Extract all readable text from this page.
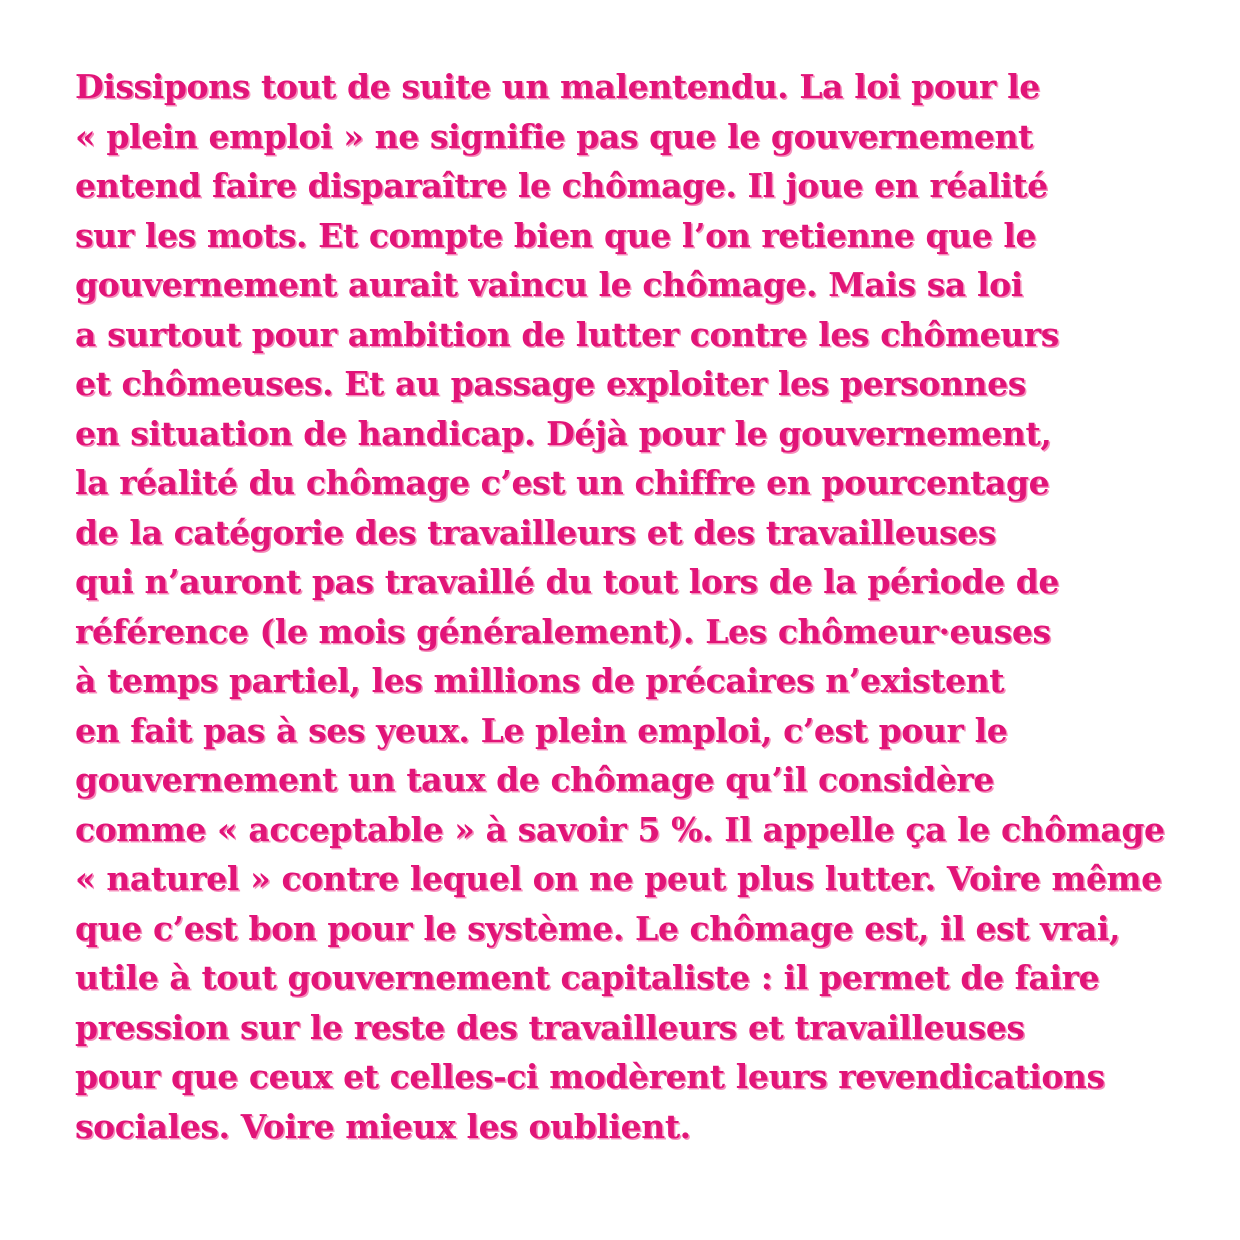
Dissipons tout de suite un malentendu. La loi pour le
« plein emploi » ne signifie pas que le gouvernement
entend faire disparaître le chômage. Il joue en réalité
sur les mots. Et compte bien que l’on retienne que le
gouvernement aurait vaincu le chômage. Mais sa loi
a surtout pour ambition de lutter contre les chômeurs
et chômeuses. Et au passage exploiter les personnes
en situation de handicap. Déjà pour le gouvernement,
la réalité du chômage c’est un chiffre en pourcentage
de la catégorie des travailleurs et des travailleuses
qui n’auront pas travaillé du tout lors de la période de
référence (le mois généralement). Les chômeur·euses
à temps partiel, les millions de précaires n’existent
en fait pas à ses yeux. Le plein emploi, c’est pour le
gouvernement un taux de chômage qu’il considère
comme « acceptable » à savoir 5 %. Il appelle ça le chômage
« naturel » contre lequel on ne peut plus lutter. Voire même
que c’est bon pour le système. Le chômage est, il est vrai,
utile à tout gouvernement capitaliste : il permet de faire
pression sur le reste des travailleurs et travailleuses
pour que ceux et celles-ci modèrent leurs revendications
sociales. Voire mieux les oublient.
